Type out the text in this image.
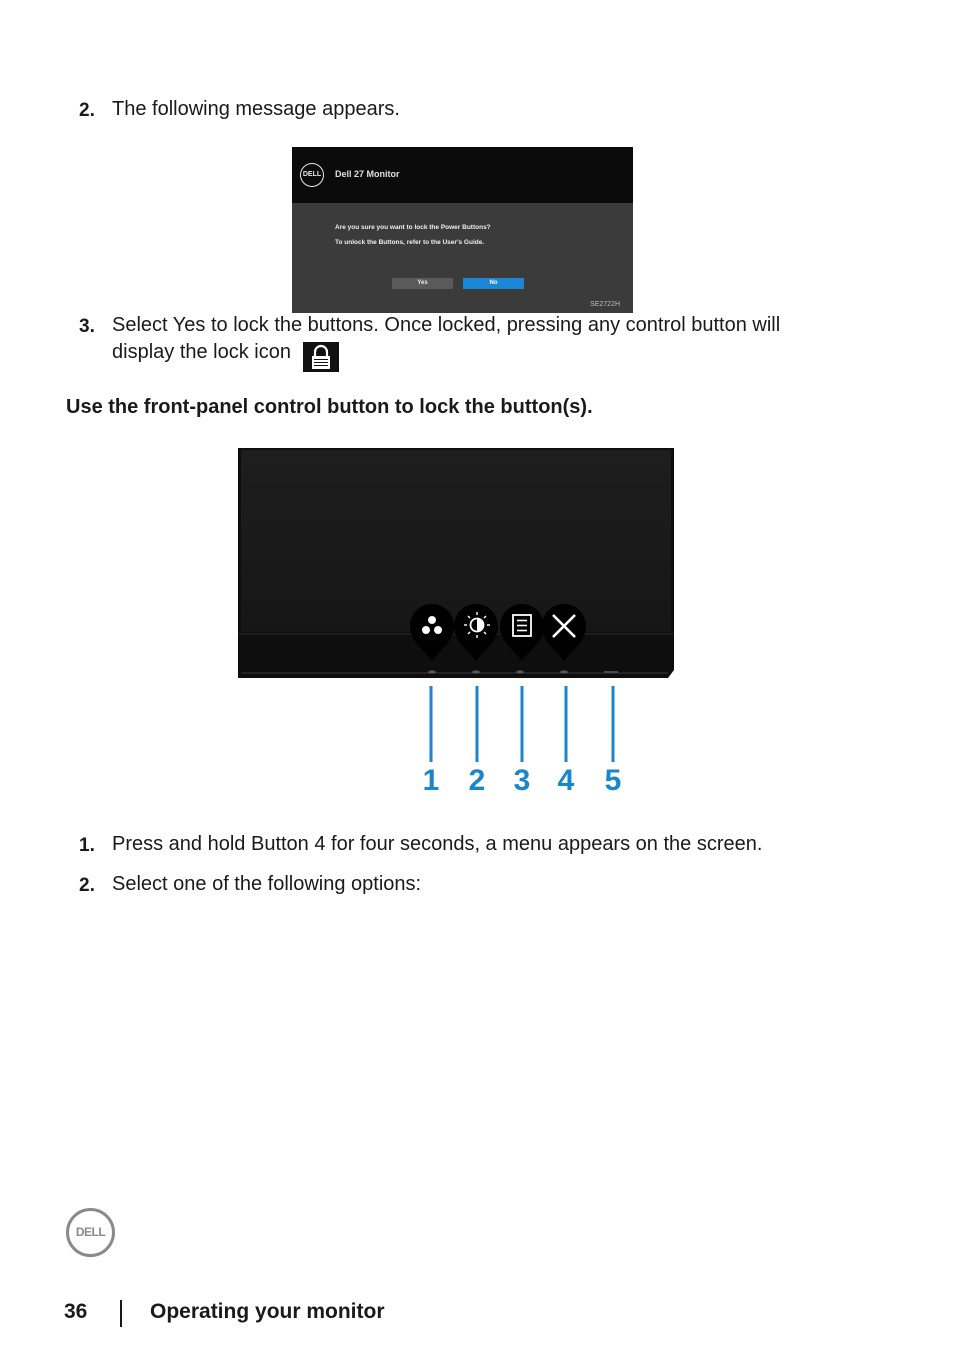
2. The following message appears.
DELL	Dell 27 Monitor
Are you sure you want to lock the Power Buttons?
To unlock the Buttons, refer to the User's Guide.
Yes	No
SE2722H
3. Select Yes to lock the buttons. Once locked, pressing any control button will
display the lock icon
Use the front-panel control button to lock the button(s).
1 2 3 4 5
1. Press and hold Button 4 for four seconds, a menu appears on the screen.
2. Select one of the following options:
DELL
36	Operating your monitor
